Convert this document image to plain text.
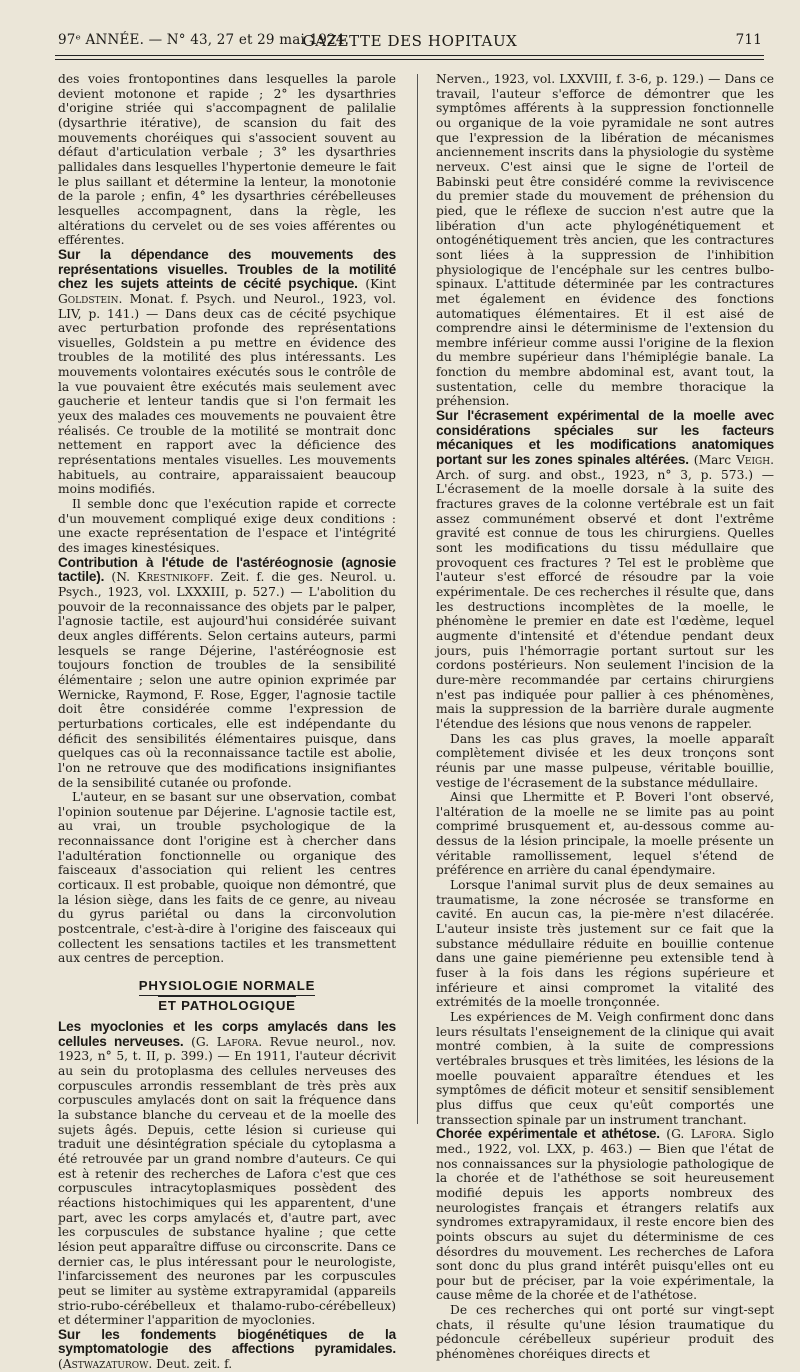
97ᵉ ANNÉE. — N° 43, 27 et 29 mai 1924.
GAZETTE DES HOPITAUX	711

des voies frontopontines dans lesquelles la parole devient motonone et rapide ; 2° les dysarthries d'origine striée qui s'accompagnent de palilalie (dysarthrie itérative), de scansion du fait des mouvements choréiques qui s'associent souvent au défaut d'articulation verbale ; 3° les dysarthries pallidales dans lesquelles l'hypertonie demeure le fait le plus saillant et détermine la lenteur, la monotonie de la parole ; enfin, 4° les dysarthries cérébelleuses lesquelles accompagnent, dans la règle, les altérations du cervelet ou de ses voies afférentes ou efférentes.

Sur la dépendance des mouvements des représentations visuelles. Troubles de la motilité chez les sujets atteints de cécité psychique. (Kint Goldstein. Monat. f. Psych. und Neurol., 1923, vol. LIV, p. 141.) — Dans deux cas de cécité psychique avec perturbation profonde des représentations visuelles, Goldstein a pu mettre en évidence des troubles de la motilité des plus intéressants. Les mouvements volontaires exécutés sous le contrôle de la vue pouvaient être exécutés mais seulement avec gaucherie et lenteur tandis que si l'on fermait les yeux des malades ces mouvements ne pouvaient être réalisés. Ce trouble de la motilité se montrait donc nettement en rapport avec la déficience des représentations mentales visuelles. Les mouvements habituels, au contraire, apparaissaient beaucoup moins modifiés.

Il semble donc que l'exécution rapide et correcte d'un mouvement compliqué exige deux conditions : une exacte représentation de l'espace et l'intégrité des images kinestésiques.

Contribution à l'étude de l'astéréognosie (agnosie tactile). (N. Krestnikoff. Zeit. f. die ges. Neurol. u. Psych., 1923, vol. LXXXIII, p. 527.) — L'abolition du pouvoir de la reconnaissance des objets par le palper, l'agnosie tactile, est aujourd'hui considérée suivant deux angles différents. Selon certains auteurs, parmi lesquels se range Déjerine, l'astéréognosie est toujours fonction de troubles de la sensibilité élémentaire ; selon une autre opinion exprimée par Wernicke, Raymond, F. Rose, Egger, l'agnosie tactile doit être considérée comme l'expression de perturbations corticales, elle est indépendante du déficit des sensibilités élémentaires puisque, dans quelques cas où la reconnaissance tactile est abolie, l'on ne retrouve que des modifications insignifiantes de la sensibilité cutanée ou profonde.

L'auteur, en se basant sur une observation, combat l'opinion soutenue par Déjerine. L'agnosie tactile est, au vrai, un trouble psychologique de la reconnaissance dont l'origine est à chercher dans l'adultération fonctionnelle ou organique des faisceaux d'association qui relient les centres corticaux. Il est probable, quoique non démontré, que la lésion siège, dans les faits de ce genre, au niveau du gyrus pariétal ou dans la circonvolution postcentrale, c'est-à-dire à l'origine des faisceaux qui collectent les sensations tactiles et les transmettent aux centres de perception.

PHYSIOLOGIE NORMALE
ET PATHOLOGIQUE

Les myoclonies et les corps amylacés dans les cellules nerveuses. (G. Lafora. Revue neurol., nov. 1923, n° 5, t. II, p. 399.) — En 1911, l'auteur décrivit au sein du protoplasma des cellules nerveuses des corpuscules arrondis ressemblant de très près aux corpuscules amylacés dont on sait la fréquence dans la substance blanche du cerveau et de la moelle des sujets âgés. Depuis, cette lésion si curieuse qui traduit une désintégration spéciale du cytoplasma a été retrouvée par un grand nombre d'auteurs. Ce qui est à retenir des recherches de Lafora c'est que ces corpuscules intracytoplasmiques possèdent des réactions histochimiques qui les apparentent, d'une part, avec les corps amylacés et, d'autre part, avec les corpuscules de substance hyaline ; que cette lésion peut apparaître diffuse ou circonscrite. Dans ce dernier cas, le plus intéressant pour le neurologiste, l'infarcissement des neurones par les corpuscules peut se limiter au système extrapyramidal (appareils strio-rubo-cérébelleux et thalamo-rubo-cérébelleux) et déterminer l'apparition de myoclonies.

Sur les fondements biogénétiques de la symptomatologie des affections pyramidales. (Astwazaturow. Deut. zeit. f.

Nerven., 1923, vol. LXXVIII, f. 3-6, p. 129.) — Dans ce travail, l'auteur s'efforce de démontrer que les symptômes afférents à la suppression fonctionnelle ou organique de la voie pyramidale ne sont autres que l'expression de la libération de mécanismes anciennement inscrits dans la physiologie du système nerveux. C'est ainsi que le signe de l'orteil de Babinski peut être considéré comme la reviviscence du premier stade du mouvement de préhension du pied, que le réflexe de succion n'est autre que la libération d'un acte phylogénétiquement et ontogénétiquement très ancien, que les contractures sont liées à la suppression de l'inhibition physiologique de l'encéphale sur les centres bulbo-spinaux. L'attitude déterminée par les contractures met également en évidence des fonctions automatiques élémentaires. Et il est aisé de comprendre ainsi le déterminisme de l'extension du membre inférieur comme aussi l'origine de la flexion du membre supérieur dans l'hémiplégie banale. La fonction du membre abdominal est, avant tout, la sustentation, celle du membre thoracique la préhension.

Sur l'écrasement expérimental de la moelle avec considérations spéciales sur les facteurs mécaniques et les modifications anatomiques portant sur les zones spinales altérées. (Marc Veigh. Arch. of surg. and obst., 1923, n° 3, p. 573.) — L'écrasement de la moelle dorsale à la suite des fractures graves de la colonne vertébrale est un fait assez communément observé et dont l'extrême gravité est connue de tous les chirurgiens. Quelles sont les modifications du tissu médullaire que provoquent ces fractures ? Tel est le problème que l'auteur s'est efforcé de résoudre par la voie expérimentale. De ces recherches il résulte que, dans les destructions incomplètes de la moelle, le phénomène le premier en date est l'œdème, lequel augmente d'intensité et d'étendue pendant deux jours, puis l'hémorragie portant surtout sur les cordons postérieurs. Non seulement l'incision de la dure-mère recommandée par certains chirurgiens n'est pas indiquée pour pallier à ces phénomènes, mais la suppression de la barrière durale augmente l'étendue des lésions que nous venons de rappeler.

Dans les cas plus graves, la moelle apparaît complètement divisée et les deux tronçons sont réunis par une masse pulpeuse, véritable bouillie, vestige de l'écrasement de la substance médullaire.

Ainsi que Lhermitte et P. Boveri l'ont observé, l'altération de la moelle ne se limite pas au point comprimé brusquement et, au-dessous comme au-dessus de la lésion principale, la moelle présente un véritable ramollissement, lequel s'étend de préférence en arrière du canal épendymaire.

Lorsque l'animal survit plus de deux semaines au traumatisme, la zone nécrosée se transforme en cavité. En aucun cas, la pie-mère n'est dilacérée. L'auteur insiste très justement sur ce fait que la substance médullaire réduite en bouillie contenue dans une gaine piemérienne peu extensible tend à fuser à la fois dans les régions supérieure et inférieure et ainsi compromet la vitalité des extrémités de la moelle tronçonnée.

Les expériences de M. Veigh confirment donc dans leurs résultats l'enseignement de la clinique qui avait montré combien, à la suite de compressions vertébrales brusques et très limitées, les lésions de la moelle pouvaient apparaître étendues et les symptômes de déficit moteur et sensitif sensiblement plus diffus que ceux qu'eût comportés une transsection spinale par un instrument tranchant.

Chorée expérimentale et athétose. (G. Lafora. Siglo med., 1922, vol. LXX, p. 463.) — Bien que l'état de nos connaissances sur la physiologie pathologique de la chorée et de l'athéthose se soit heureusement modifié depuis les apports nombreux des neurologistes français et étrangers relatifs aux syndromes extrapyramidaux, il reste encore bien des points obscurs au sujet du déterminisme de ces désordres du mouvement. Les recherches de Lafora sont donc du plus grand intérêt puisqu'elles ont eu pour but de préciser, par la voie expérimentale, la cause même de la chorée et de l'athétose.

De ces recherches qui ont porté sur vingt-sept chats, il résulte qu'une lésion traumatique du pédoncule cérébelleux supérieur produit des phénomènes choréiques directs et
